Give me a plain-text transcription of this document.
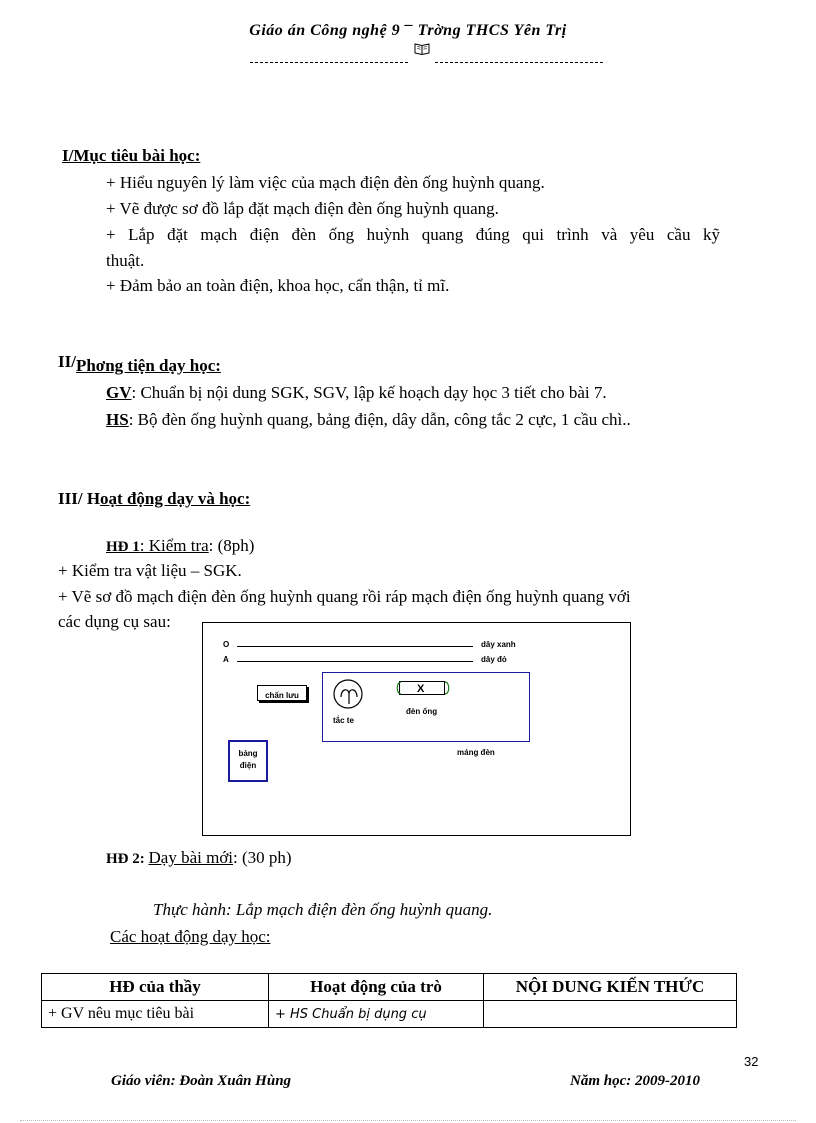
Giáo án Công nghệ 9 – Trờng THCS Yên Trị
I/Mục tiêu bài học:
+ Hiểu nguyên lý làm việc của mạch điện đèn ống huỳnh quang.
+ Vẽ được sơ đồ lắp đặt mạch điện đèn ống huỳnh quang.
+ Lắp đặt mạch điện đèn ống huỳnh quang đúng qui trình và yêu cầu kỹ
thuật.
+ Đảm bảo an toàn điện, khoa học, cẩn thận, tỉ mĩ.
II/Phơng tiện dạy học:
GV: Chuẩn bị nội dung SGK, SGV, lập kế hoạch dạy học 3 tiết cho bài 7.
HS: Bộ đèn ống huỳnh quang, bảng điện, dây dẫn, công tắc 2 cực, 1 cầu chì..
III/ Hoạt động dạy và học:
HĐ 1: Kiểm tra: (8ph)
+ Kiểm tra vật liệu – SGK.
+ Vẽ sơ đồ mạch điện đèn ống huỳnh quang rồi ráp mạch điện ống huỳnh quang với
các dụng cụ sau:
O	dây xanh
A	dây đỏ
chấn lưu
tắc te
X
đèn ống
máng đèn
bảng
điện
HĐ 2: Dạy bài mới: (30 ph)
Thực hành: Lắp mạch điện đèn ống huỳnh quang.
Các hoạt động dạy học:
HĐ của thầy	Hoạt động của trò	NỘI DUNG KIẾN THỨC
+ GV nêu mục tiêu bài	+ HS Chuẩn bị dụng cụ	
32
Giáo viên: Đoàn Xuân Hùng	Năm học: 2009-2010
